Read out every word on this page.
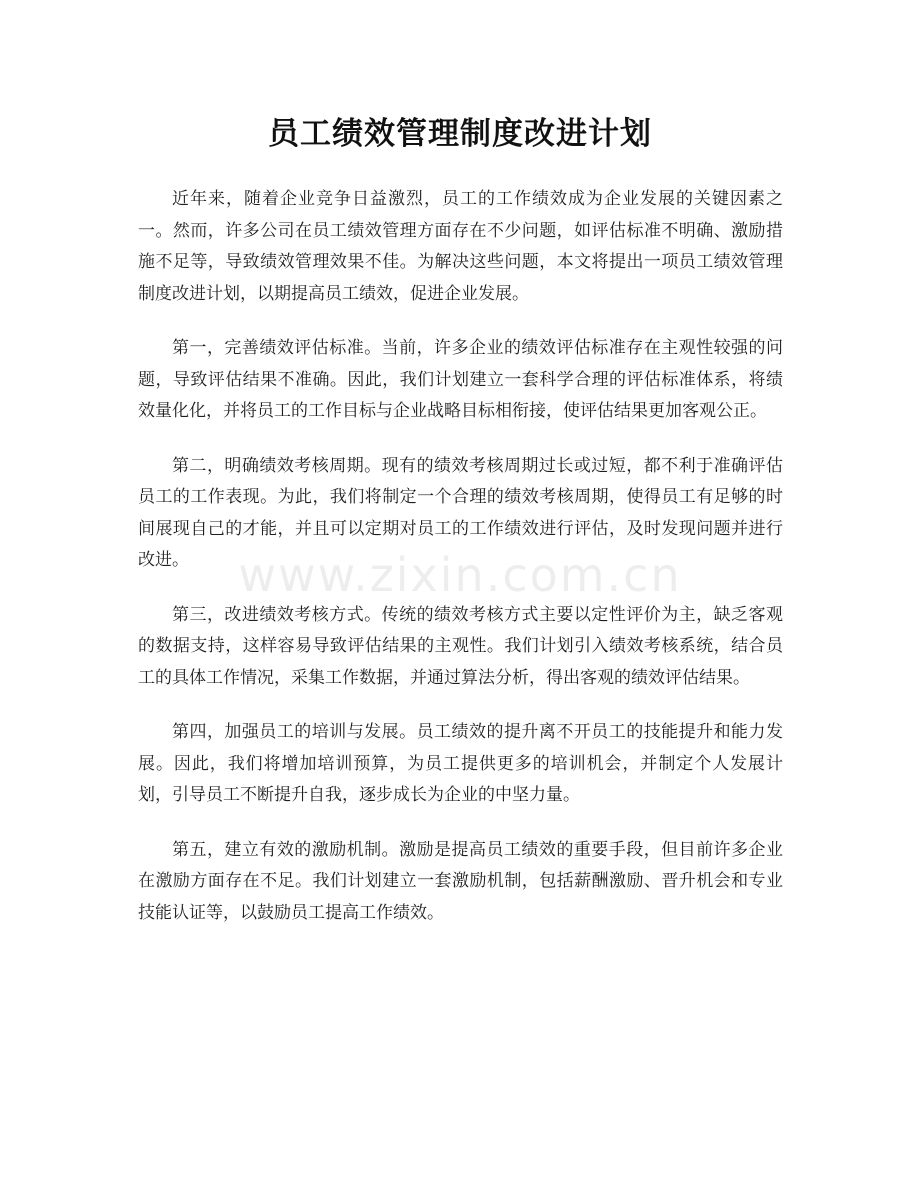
员工绩效管理制度改进计划
www.zixin.com.cn

近年来，随着企业竞争日益激烈，员工的工作绩效成为企业发展的关键因素之一。然而，许多公司在员工绩效管理方面存在不少问题，如评估标准不明确、激励措施不足等，导致绩效管理效果不佳。为解决这些问题，本文将提出一项员工绩效管理制度改进计划，以期提高员工绩效，促进企业发展。

第一，完善绩效评估标准。当前，许多企业的绩效评估标准存在主观性较强的问题，导致评估结果不准确。因此，我们计划建立一套科学合理的评估标准体系，将绩效量化化，并将员工的工作目标与企业战略目标相衔接，使评估结果更加客观公正。

第二，明确绩效考核周期。现有的绩效考核周期过长或过短，都不利于准确评估员工的工作表现。为此，我们将制定一个合理的绩效考核周期，使得员工有足够的时间展现自己的才能，并且可以定期对员工的工作绩效进行评估，及时发现问题并进行改进。

第三，改进绩效考核方式。传统的绩效考核方式主要以定性评价为主，缺乏客观的数据支持，这样容易导致评估结果的主观性。我们计划引入绩效考核系统，结合员工的具体工作情况，采集工作数据，并通过算法分析，得出客观的绩效评估结果。

第四，加强员工的培训与发展。员工绩效的提升离不开员工的技能提升和能力发展。因此，我们将增加培训预算，为员工提供更多的培训机会，并制定个人发展计划，引导员工不断提升自我，逐步成长为企业的中坚力量。

第五，建立有效的激励机制。激励是提高员工绩效的重要手段，但目前许多企业在激励方面存在不足。我们计划建立一套激励机制，包括薪酬激励、晋升机会和专业技能认证等，以鼓励员工提高工作绩效。
